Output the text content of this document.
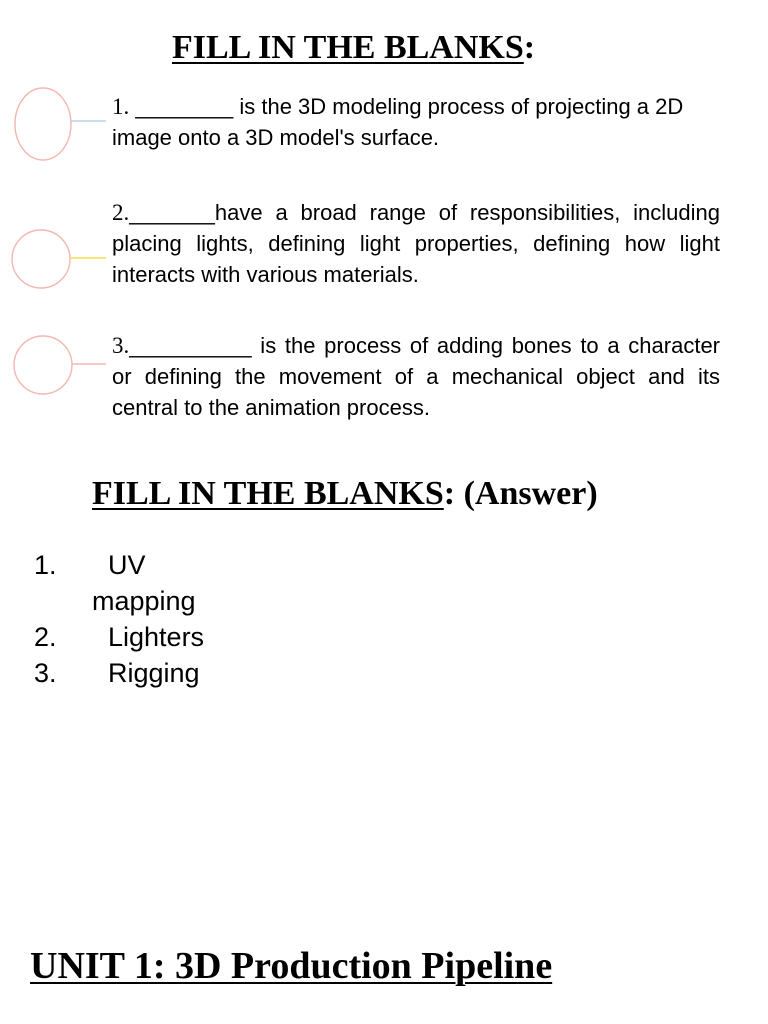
FILL IN THE BLANKS:

1. ________ is the 3D modeling process of projecting a 2D image onto a 3D model's surface.

2._______have a broad range of responsibilities, including placing lights, defining light properties, defining how light interacts with various materials.

3.__________ is the process of adding bones to a character or defining the movement of a mechanical object and its central to the animation process.

FILL IN THE BLANKS: (Answer)
1.	UV
mapping
2.	Lighters
3.	Rigging
UNIT 1: 3D Production Pipeline
